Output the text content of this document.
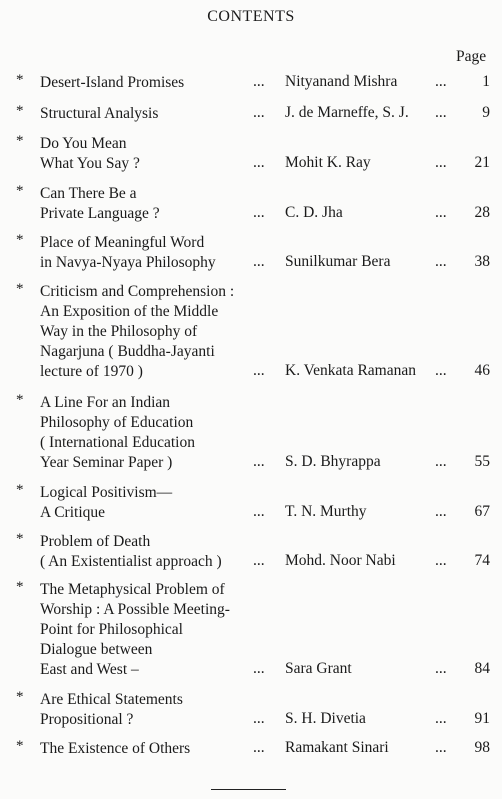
CONTENTS
Page
* Desert-Island Promises	... Nityanand Mishra ... 1
* Structural Analysis	... J. de Marneffe, S. J. ... 9
* Do You Mean
What You Say ?	... Mohit K. Ray	... 21
* Can There Be a
Private Language ?	... C. D. Jha	... 28
* Place of Meaningful Word
in Navya-Nyaya Philosophy	... Sunilkumar Bera	... 38
* Criticism and Comprehension :
An Exposition of the Middle
Way in the Philosophy of
Nagarjuna ( Buddha-Jayanti
lecture of 1970 )	... K. Venkata Ramanan ... 46
* A Line For an Indian
Philosophy of Education
( International Education
Year Seminar Paper )	... S. D. Bhyrappa	... 55
* Logical Positivism—
A Critique	... T. N. Murthy	... 67
* Problem of Death
( An Existentialist approach )	... Mohd. Noor Nabi	... 74
* The Metaphysical Problem of
Worship : A Possible Meeting-
Point for Philosophical
Dialogue between
East and West –	... Sara Grant	... 84
* Are Ethical Statements
Propositional ?	... S. H. Divetia	... 91
* The Existence of Others	... Ramakant Sinari	... 98
